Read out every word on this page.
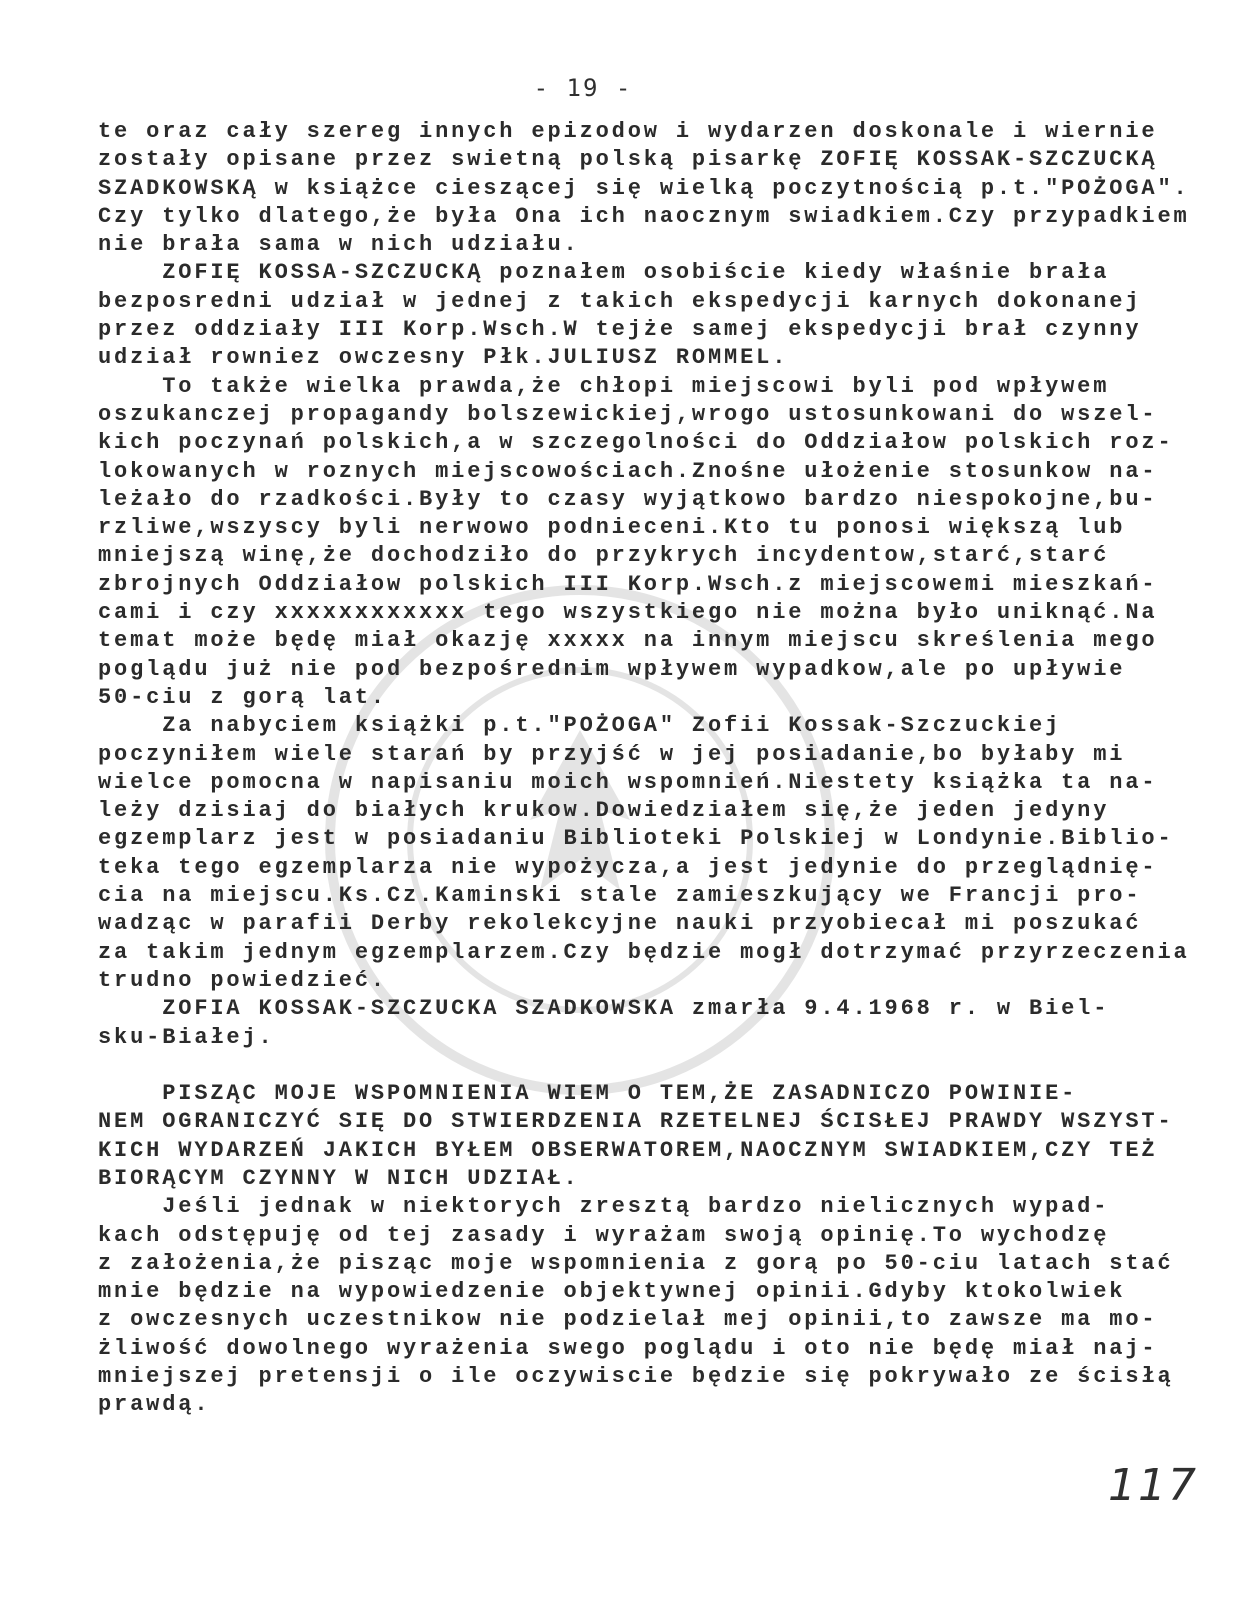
- 19 -
te oraz cały szereg innych epizodow i wydarzen doskonale i wiernie
zostały opisane przez swietną polską pisarkę ZOFIĘ KOSSAK-SZCZUCKĄ
SZADKOWSKĄ w książce cieszącej się wielką poczytnością p.t."POŻOGA".
Czy tylko dlatego,że była Ona ich naocznym swiadkiem.Czy przypadkiem
nie brała sama w nich udziału.
ZOFIĘ KOSSA-SZCZUCKĄ poznałem osobiście kiedy właśnie brała
bezposredni udział w jednej z takich ekspedycji karnych dokonanej
przez oddziały III Korp.Wsch.W tejże samej ekspedycji brał czynny
udział rowniez owczesny Płk.JULIUSZ ROMMEL.
To także wielka prawda,że chłopi miejscowi byli pod wpływem
oszukanczej propagandy bolszewickiej,wrogo ustosunkowani do wszel-
kich poczynań polskich,a w szczegolności do Oddziałow polskich roz-
lokowanych w roznych miejscowościach.Znośne ułożenie stosunkow na-
leżało do rzadkości.Były to czasy wyjątkowo bardzo niespokojne,bu-
rzliwe,wszyscy byli nerwowo podnieceni.Kto tu ponosi większą lub
mniejszą winę,że dochodziło do przykrych incydentow,starć,starć
zbrojnych Oddziałow polskich III Korp.Wsch.z miejscowemi mieszkań-
cami i czy xxxxxxxxxxxx tego wszystkiego nie można było uniknąć.Na
temat może będę miał okazję xxxxx na innym miejscu skreślenia mego
poglądu już nie pod bezpośrednim wpływem wypadkow,ale po upływie
50-ciu z gorą lat.
Za nabyciem książki p.t."POŻOGA" Zofii Kossak-Szczuckiej
poczyniłem wiele starań by przyjść w jej posiadanie,bo byłaby mi
wielce pomocna w napisaniu moich wspomnień.Niestety książka ta na-
leży dzisiaj do białych krukow.Dowiedziałem się,że jeden jedyny
egzemplarz jest w posiadaniu Biblioteki Polskiej w Londynie.Biblio-
teka tego egzemplarza nie wypożycza,a jest jedynie do przeglądnię-
cia na miejscu.Ks.Cz.Kaminski stale zamieszkujący we Francji pro-
wadząc w parafii Derby rekolekcyjne nauki przyobiecał mi poszukać
za takim jednym egzemplarzem.Czy będzie mogł dotrzymać przyrzeczenia
trudno powiedzieć.
ZOFIA KOSSAK-SZCZUCKA SZADKOWSKA zmarła 9.4.1968 r. w Biel-
sku-Białej.
PISZĄC MOJE WSPOMNIENIA WIEM O TEM,ŻE ZASADNICZO POWINIE-
NEM OGRANICZYĆ SIĘ DO STWIERDZENIA RZETELNEJ ŚCISŁEJ PRAWDY WSZYST-
KICH WYDARZEŃ JAKICH BYŁEM OBSERWATOREM,NAOCZNYM SWIADKIEM,CZY TEŻ
BIORĄCYM CZYNNY W NICH UDZIAŁ.
Jeśli jednak w niektorych zresztą bardzo nielicznych wypad-
kach odstępuję od tej zasady i wyrażam swoją opinię.To wychodzę
z założenia,że pisząc moje wspomnienia z gorą po 50-ciu latach stać
mnie będzie na wypowiedzenie objektywnej opinii.Gdyby ktokolwiek
z owczesnych uczestnikow nie podzielał mej opinii,to zawsze ma mo-
żliwość dowolnego wyrażenia swego poglądu i oto nie będę miał naj-
mniejszej pretensji o ile oczywiscie będzie się pokrywało ze ścisłą
prawdą.
117
